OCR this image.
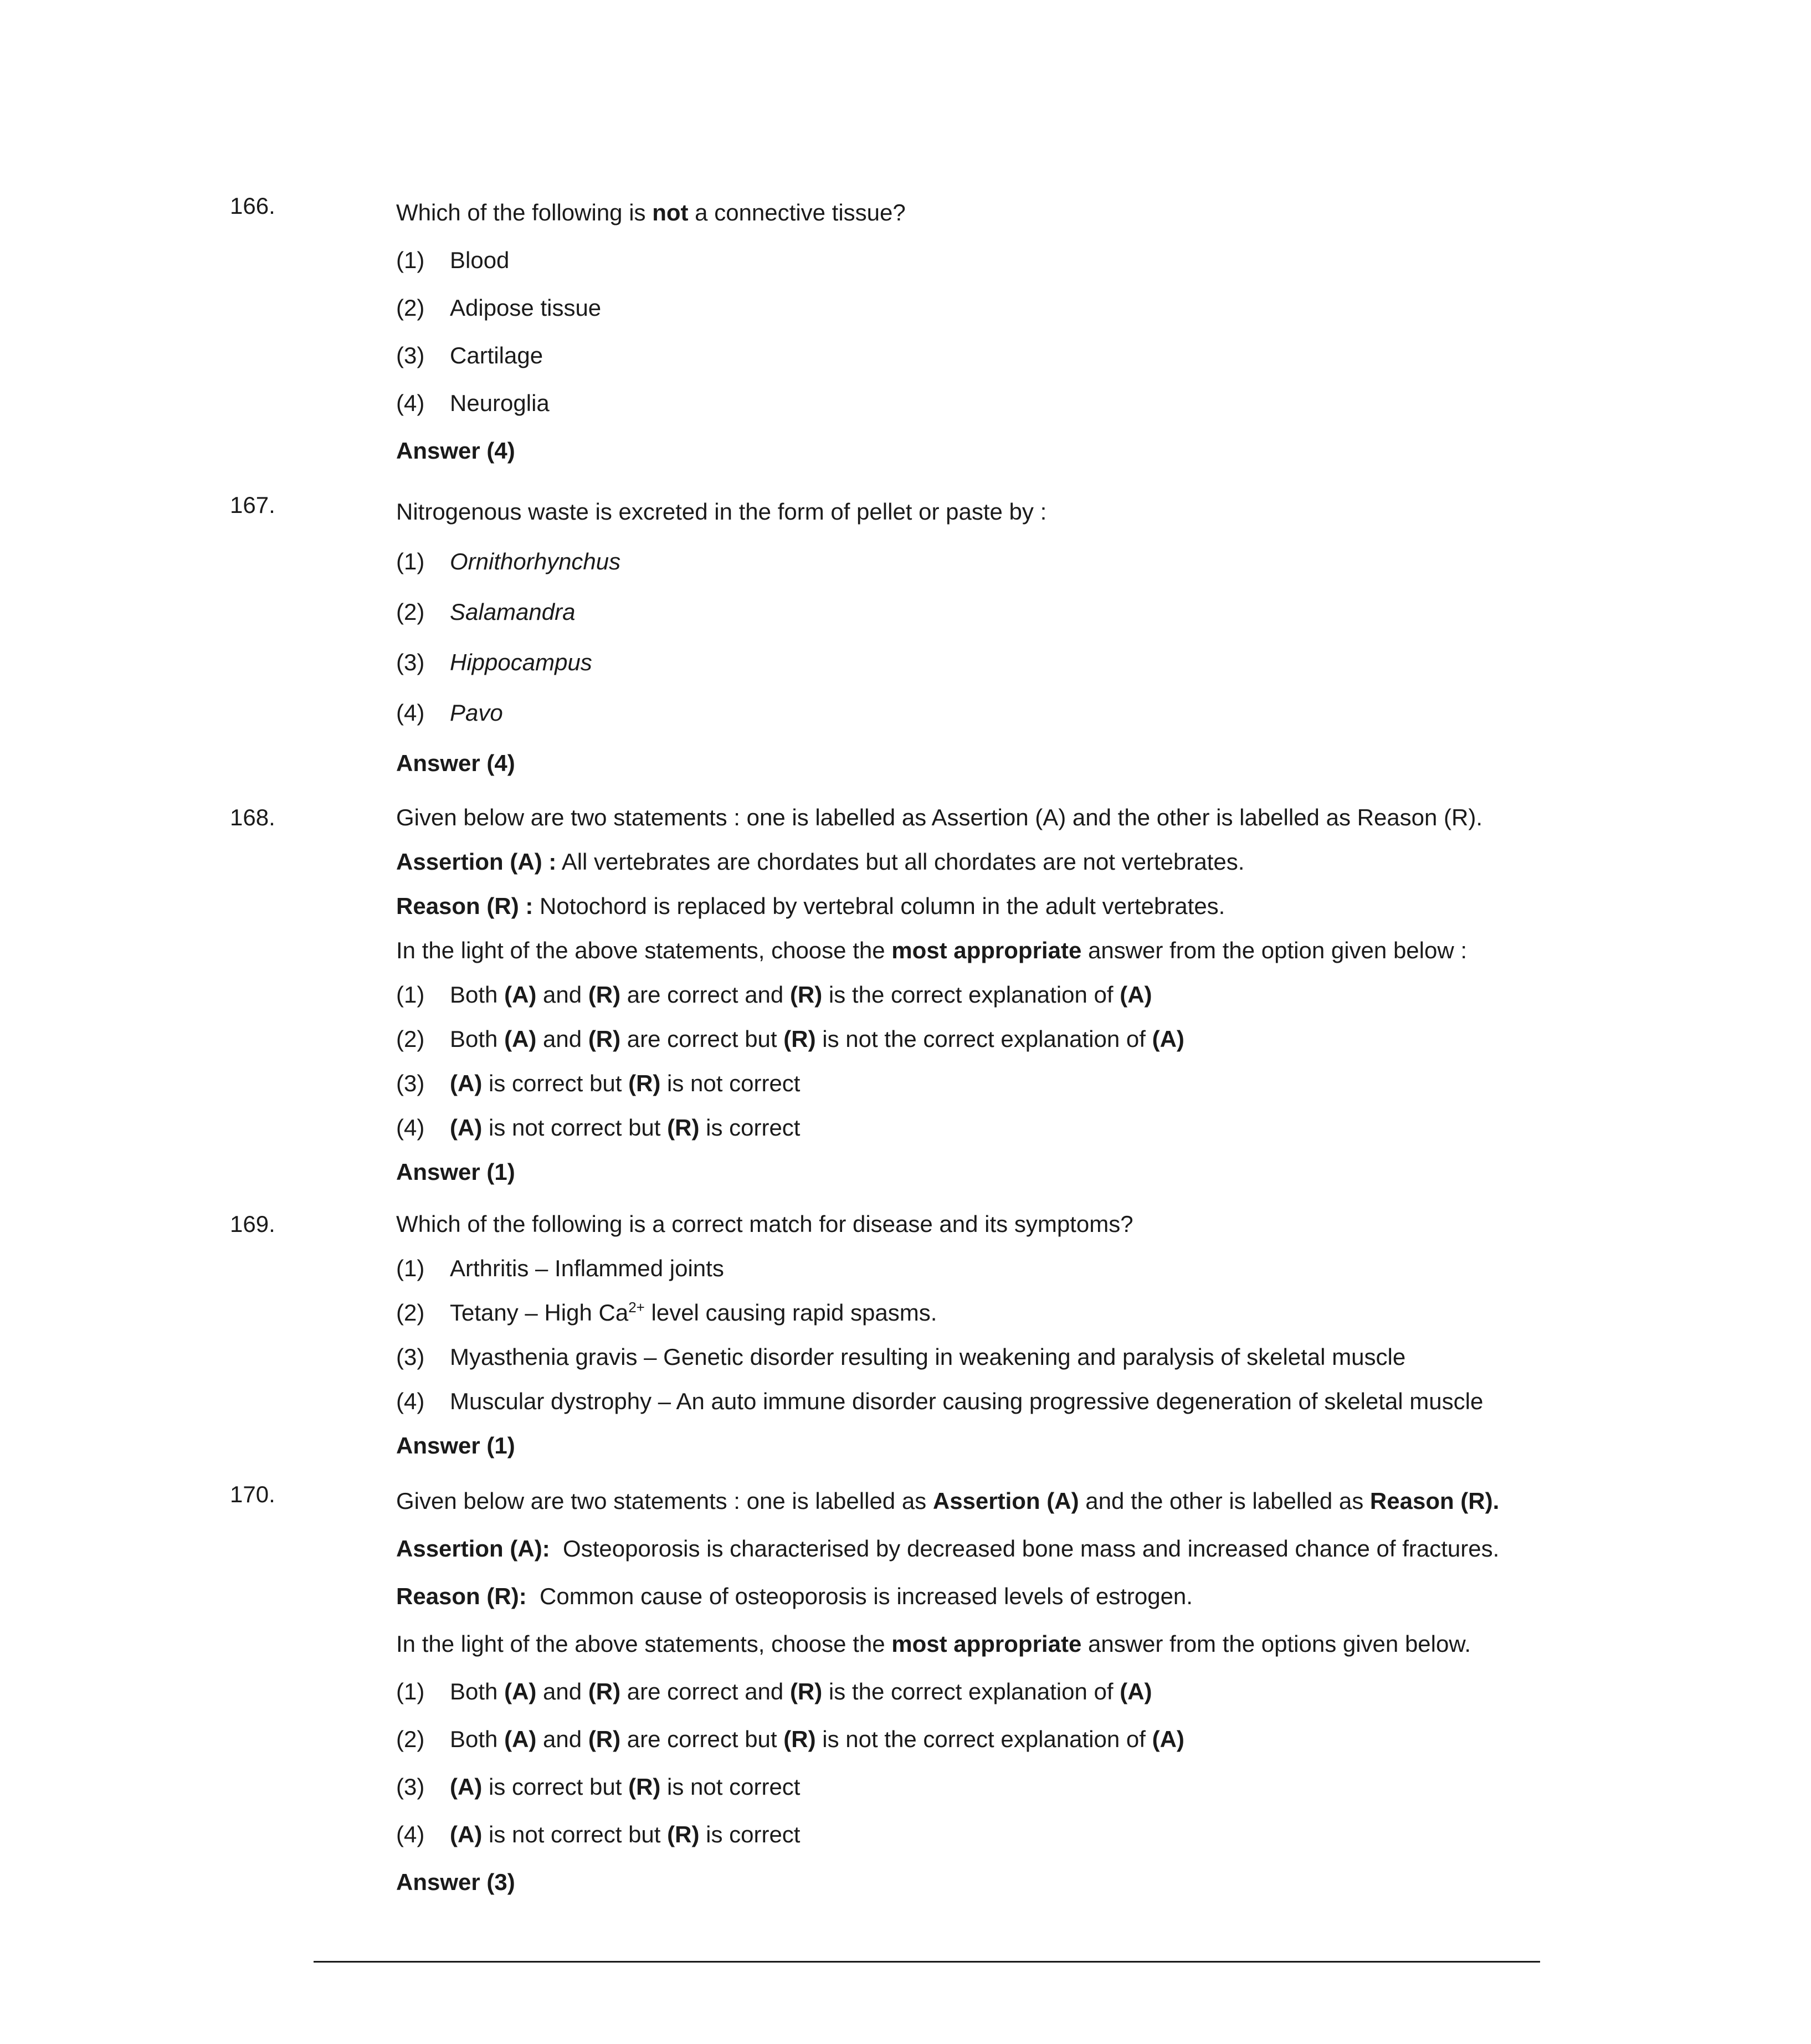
166.	Which of the following is not a connective tissue?
(1) Blood
(2) Adipose tissue
(3) Cartilage
(4) Neuroglia
Answer (4)
167.	Nitrogenous waste is excreted in the form of pellet or paste by :
(1) Ornithorhynchus
(2) Salamandra
(3) Hippocampus
(4) Pavo
Answer (4)
168.	Given below are two statements : one is labelled as Assertion (A) and the other is labelled as Reason (R).
Assertion (A) : All vertebrates are chordates but all chordates are not vertebrates.
Reason (R) : Notochord is replaced by vertebral column in the adult vertebrates.
In the light of the above statements, choose the most appropriate answer from the option given below :
(1) Both (A) and (R) are correct and (R) is the correct explanation of (A)
(2) Both (A) and (R) are correct but (R) is not the correct explanation of (A)
(3) (A) is correct but (R) is not correct
(4) (A) is not correct but (R) is correct
Answer (1)
169.	Which of the following is a correct match for disease and its symptoms?
(1) Arthritis – Inflammed joints
(2) Tetany – High $Ca^{2+}$ level causing rapid spasms.
(3) Myasthenia gravis – Genetic disorder resulting in weakening and paralysis of skeletal muscle
(4) Muscular dystrophy – An auto immune disorder causing progressive degeneration of skeletal muscle
Answer (1)
170.	Given below are two statements : one is labelled as Assertion (A) and the other is labelled as Reason (R).
Assertion (A):  Osteoporosis is characterised by decreased bone mass and increased chance of fractures.
Reason (R):  Common cause of osteoporosis is increased levels of estrogen.
In the light of the above statements, choose the most appropriate answer from the options given below.
(1) Both (A) and (R) are correct and (R) is the correct explanation of (A)
(2) Both (A) and (R) are correct but (R) is not the correct explanation of (A)
(3) (A) is correct but (R) is not correct
(4) (A) is not correct but (R) is correct
Answer (3)
